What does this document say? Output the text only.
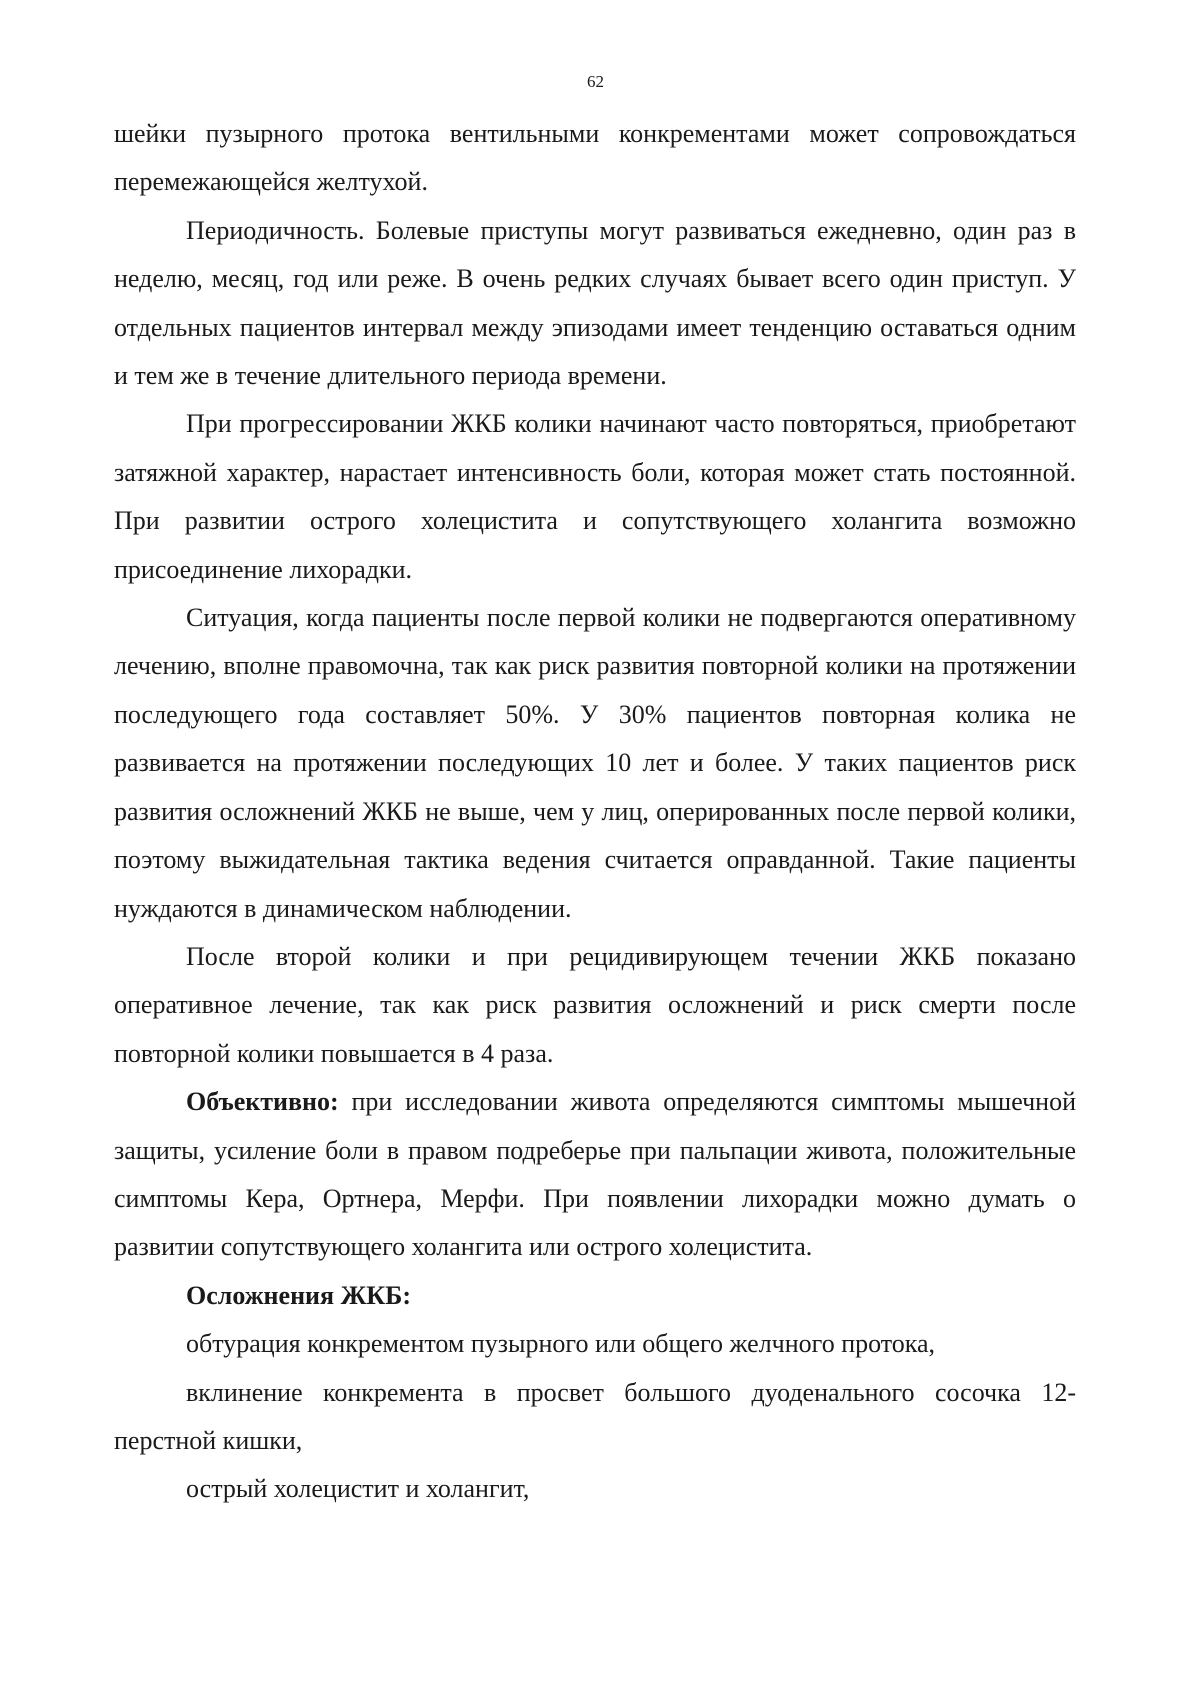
62

шейки пузырного протока вентильными конкрементами может сопровождаться перемежающейся желтухой.

Периодичность. Болевые приступы могут развиваться ежедневно, один раз в неделю, месяц, год или реже. В очень редких случаях бывает всего один приступ. У отдельных пациентов интервал между эпизодами имеет тенденцию оставаться одним и тем же в течение длительного периода времени.

При прогрессировании ЖКБ колики начинают часто повторяться, приобретают затяжной характер, нарастает интенсивность боли, которая может стать постоянной. При развитии острого холецистита и сопутствующего холангита возможно присоединение лихорадки.

Ситуация, когда пациенты после первой колики не подвергаются оперативному лечению, вполне правомочна, так как риск развития повторной колики на протяжении последующего года составляет 50%. У 30% пациентов повторная колика не развивается на протяжении последующих 10 лет и более. У таких пациентов риск развития осложнений ЖКБ не выше, чем у лиц, оперированных после первой колики, поэтому выжидательная тактика ведения считается оправданной. Такие пациенты нуждаются в динамическом наблюдении.

После второй колики и при рецидивирующем течении ЖКБ показано оперативное лечение, так как риск развития осложнений и риск смерти после повторной колики повышается в 4 раза.

Объективно: при исследовании живота определяются симптомы мышечной защиты, усиление боли в правом подреберье при пальпации живота, положительные симптомы Кера, Ортнера, Мерфи. При появлении лихорадки можно думать о развитии сопутствующего холангита или острого холецистита.

Осложнения ЖКБ:

обтурация конкрементом пузырного или общего желчного протока,

вклинение конкремента в просвет большого дуоденального сосочка 12-перстной кишки,

острый холецистит и холангит,
